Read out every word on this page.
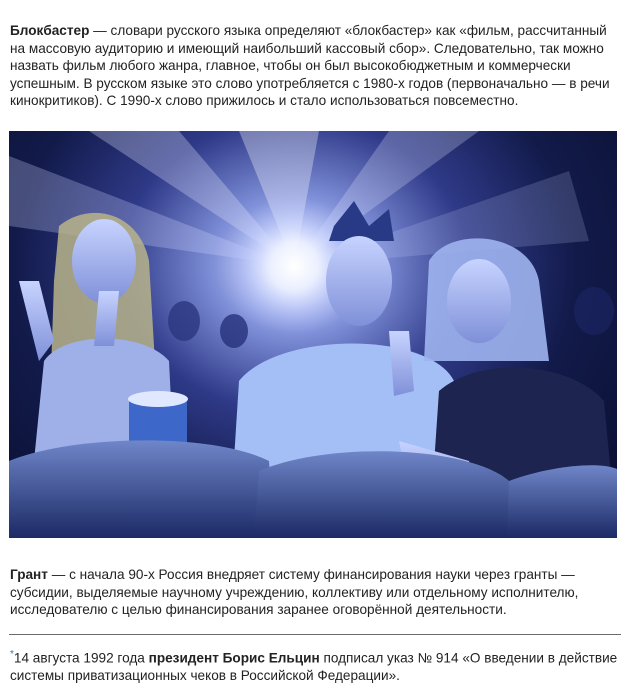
Блокбастер — словари русского языка определяют «блокбастер» как «фильм, рассчитанный на массовую аудиторию и имеющий наибольший кассовый сбор». Следовательно, так можно назвать фильм любого жанра, главное, чтобы он был высокобюджетным и коммерчески успешным. В русском языке это слово употребляется с 1980-х годов (первоначально — в речи кинокритиков). С 1990-х слово прижилось и стало использоваться повсеместно.
Грант — с начала 90-х Россия внедряет систему финансирования науки через гранты — субсидии, выделяемые научному учреждению, коллективу или отдельному исполнителю, исследователю с целью финансирования заранее оговорённой деятельности.
*14 августа 1992 года президент Борис Ельцин подписал указ № 914 «О введении в действие системы приватизационных чеков в Российской Федерации».
